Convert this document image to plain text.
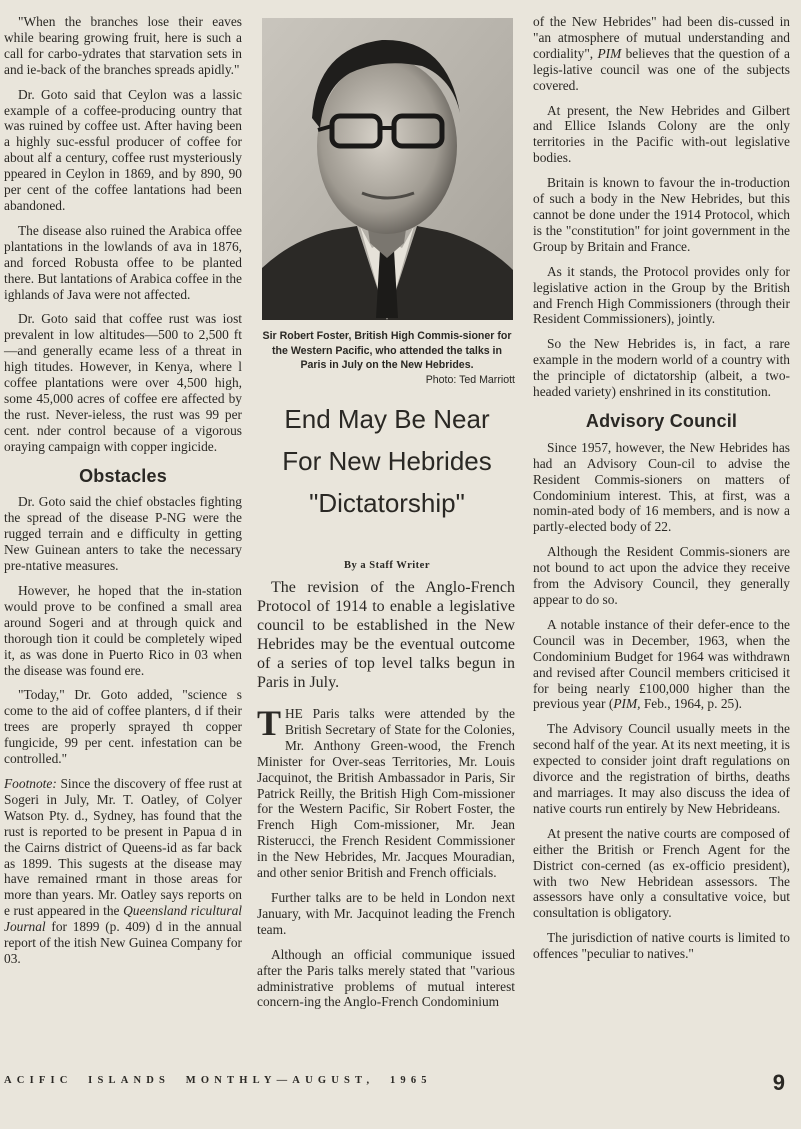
"When the branches lose their eaves while bearing growing fruit, here is such a call for carbo-ydrates that starvation sets in and ie-back of the branches spreads apidly."

Dr. Goto said that Ceylon was a lassic example of a coffee-producing ountry that was ruined by coffee ust. After having been a highly suc-essful producer of coffee for about alf a century, coffee rust mysteriously ppeared in Ceylon in 1869, and by 890, 90 per cent of the coffee lantations had been abandoned.

The disease also ruined the Arabica offee plantations in the lowlands of ava in 1876, and forced Robusta offee to be planted there. But lantations of Arabica coffee in the ighlands of Java were not affected.

Dr. Goto said that coffee rust was iost prevalent in low altitudes—500 to 2,500 ft—and generally ecame less of a threat in high titudes. However, in Kenya, where l coffee plantations were over 4,500 high, some 45,000 acres of coffee ere affected by the rust. Never-ieless, the rust was 99 per cent. nder control because of a vigorous oraying campaign with copper ingicide.

Obstacles

Dr. Goto said the chief obstacles fighting the spread of the disease P-NG were the rugged terrain and e difficulty in getting New Guinean anters to take the necessary pre-ntative measures.

However, he hoped that the in-station would prove to be confined a small area around Sogeri and at through quick and thorough tion it could be completely wiped it, as was done in Puerto Rico in 03 when the disease was found ere.

"Today," Dr. Goto added, "science s come to the aid of coffee planters, d if their trees are properly sprayed th copper fungicide, 99 per cent. infestation can be controlled."

Footnote: Since the discovery of ffee rust at Sogeri in July, Mr. T. Oatley, of Colyer Watson Pty. d., Sydney, has found that the rust is reported to be present in Papua d in the Cairns district of Queens-id as far back as 1899. This sugests at the disease may have remained rmant in those areas for more than years. Mr. Oatley says reports on e rust appeared in the Queensland ricultural Journal for 1899 (p. 409) d in the annual report of the itish New Guinea Company for 03.

Sir Robert Foster, British High Commis-sioner for the Western Pacific, who attended the talks in Paris in July on the New Hebrides.
Photo: Ted Marriott
End May Be Near
For New Hebrides
"Dictatorship"
By a Staff Writer

The revision of the Anglo-French Protocol of 1914 to enable a legislative council to be established in the New Hebrides may be the eventual outcome of a series of top level talks begun in Paris in July.

THE Paris talks were attended by the British Secretary of State for the Colonies, Mr. Anthony Green-wood, the French Minister for Over-seas Territories, Mr. Louis Jacquinot, the British Ambassador in Paris, Sir Patrick Reilly, the British High Com-missioner for the Western Pacific, Sir Robert Foster, the French High Com-missioner, Mr. Jean Risterucci, the French Resident Commissioner in the New Hebrides, Mr. Jacques Mouradian, and other senior British and French officials.

Further talks are to be held in London next January, with Mr. Jacquinot leading the French team.

Although an official communique issued after the Paris talks merely stated that "various administrative problems of mutual interest concern-ing the Anglo-French Condominium

of the New Hebrides" had been dis-cussed in "an atmosphere of mutual understanding and cordiality", PIM believes that the question of a legis-lative council was one of the subjects covered.

At present, the New Hebrides and Gilbert and Ellice Islands Colony are the only territories in the Pacific with-out legislative bodies.

Britain is known to favour the in-troduction of such a body in the New Hebrides, but this cannot be done under the 1914 Protocol, which is the "constitution" for joint government in the Group by Britain and France.

As it stands, the Protocol provides only for legislative action in the Group by the British and French High Commissioners (through their Resident Commissioners), jointly.

So the New Hebrides is, in fact, a rare example in the modern world of a country with the principle of dictatorship (albeit, a two-headed variety) enshrined in its constitution.

Advisory Council

Since 1957, however, the New Hebrides has had an Advisory Coun-cil to advise the Resident Commis-sioners on matters of Condominium interest. This, at first, was a nomin-ated body of 16 members, and is now a partly-elected body of 22.

Although the Resident Commis-sioners are not bound to act upon the advice they receive from the Advisory Council, they generally appear to do so.

A notable instance of their defer-ence to the Council was in December, 1963, when the Condominium Budget for 1964 was withdrawn and revised after Council members criticised it for being nearly £100,000 higher than the previous year (PIM, Feb., 1964, p. 25).

The Advisory Council usually meets in the second half of the year. At its next meeting, it is expected to consider joint draft regulations on divorce and the registration of births, deaths and marriages. It may also discuss the idea of native courts run entirely by New Hebrideans.

At present the native courts are composed of either the British or French Agent for the District con-cerned (as ex-officio president), with two New Hebridean assessors. The assessors have only a consultative voice, but consultation is obligatory.

The jurisdiction of native courts is limited to offences "peculiar to natives."

ACIFIC  ISLANDS  MONTHLY—AUGUST,  1965	9
